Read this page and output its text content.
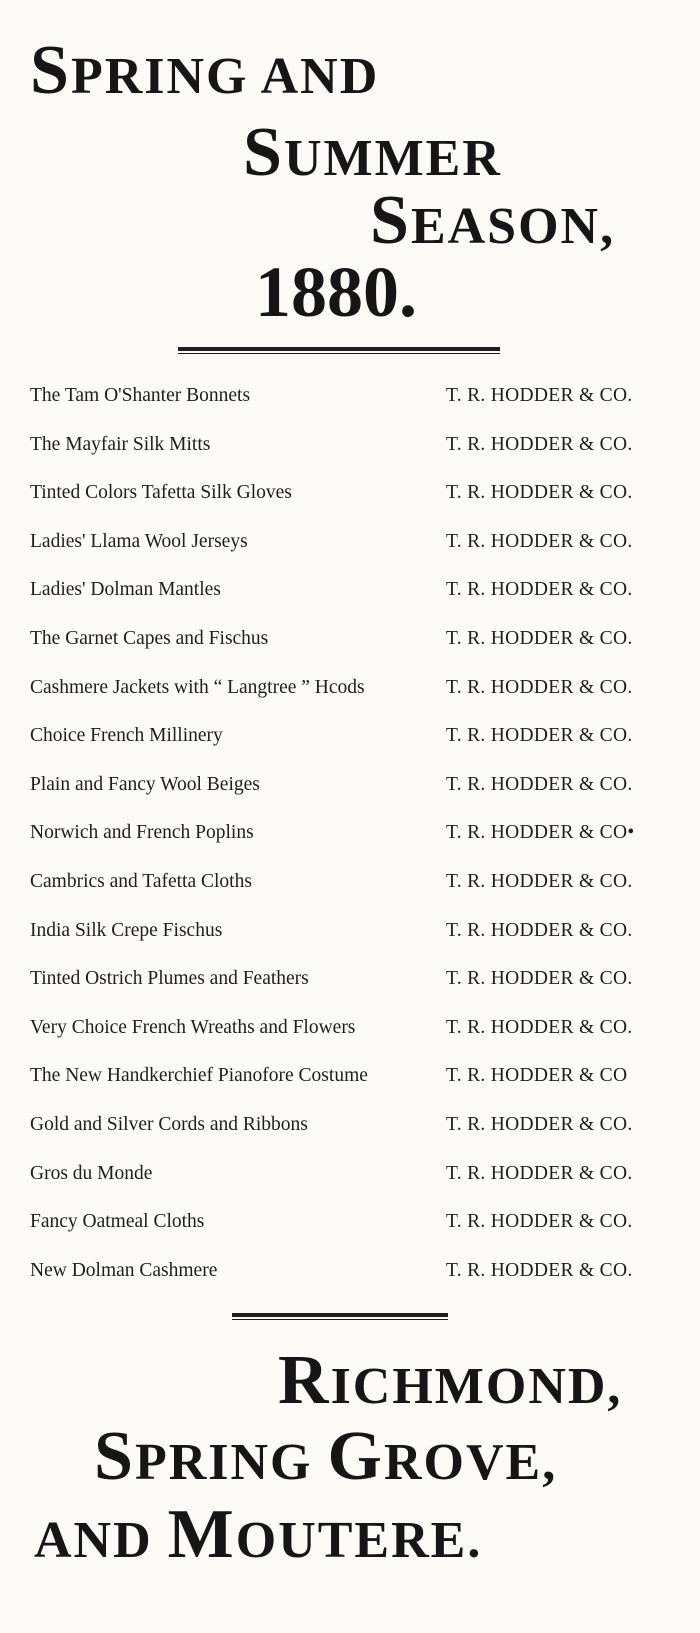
SPRING AND
SUMMER
SEASON,
1880.
The Tam O'Shanter Bonnets	T. R. HODDER & CO.
The Mayfair Silk Mitts	T. R. HODDER & CO.
Tinted Colors Tafetta Silk Gloves	T. R. HODDER & CO.
Ladies' Llama Wool Jerseys	T. R. HODDER & CO.
Ladies' Dolman Mantles	T. R. HODDER & CO.
The Garnet Capes and Fischus	T. R. HODDER & CO.
Cashmere Jackets with “ Langtree ” Hcods	T. R. HODDER & CO.
Choice French Millinery	T. R. HODDER & CO.
Plain and Fancy Wool Beiges	T. R. HODDER & CO.
Norwich and French Poplins	T. R. HODDER & CO•
Cambrics and Tafetta Cloths	T. R. HODDER & CO.
India Silk Crepe Fischus	T. R. HODDER & CO.
Tinted Ostrich Plumes and Feathers	T. R. HODDER & CO.
Very Choice French Wreaths and Flowers	T. R. HODDER & CO.
The New Handkerchief Pianofore Costume	T. R. HODDER & CO
Gold and Silver Cords and Ribbons	T. R. HODDER & CO.
Gros du Monde	T. R. HODDER & CO.
Fancy Oatmeal Cloths	T. R. HODDER & CO.
New Dolman Cashmere	T. R. HODDER & CO.
RICHMOND,
SPRING GROVE,
AND MOUTERE.
